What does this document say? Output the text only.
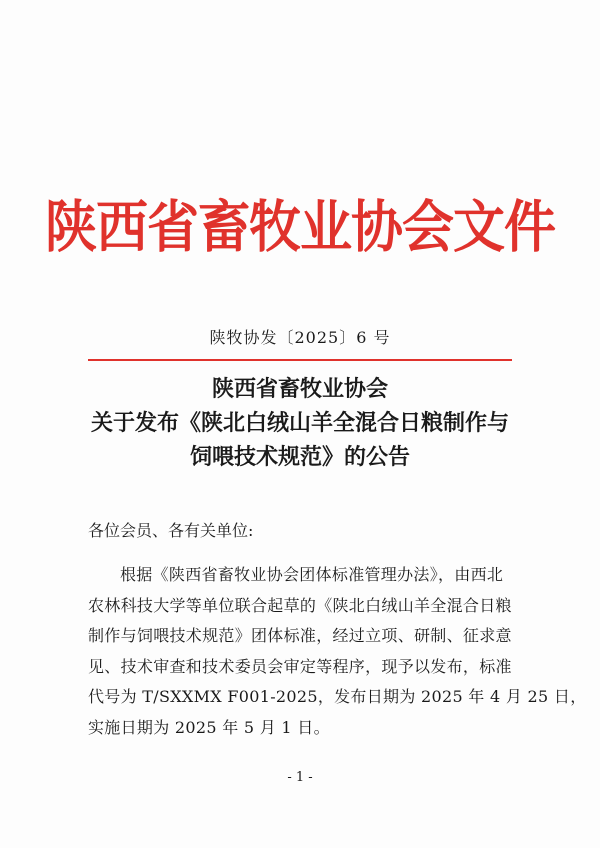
陕西省畜牧业协会文件
陕牧协发〔2025〕6 号
陕西省畜牧业协会
关于发布《陕北白绒山羊全混合日粮制作与
饲喂技术规范》的公告
各位会员、各有关单位:
根据《陕西省畜牧业协会团体标准管理办法》，由西北
农林科技大学等单位联合起草的《陕北白绒山羊全混合日粮
制作与饲喂技术规范》团体标准，经过立项、研制、征求意
见、技术审查和技术委员会审定等程序，现予以发布，标准
代号为 T/SXXMX F001-2025，发布日期为 2025 年 4 月 25 日，
实施日期为 2025 年 5 月 1 日。
- 1 -
